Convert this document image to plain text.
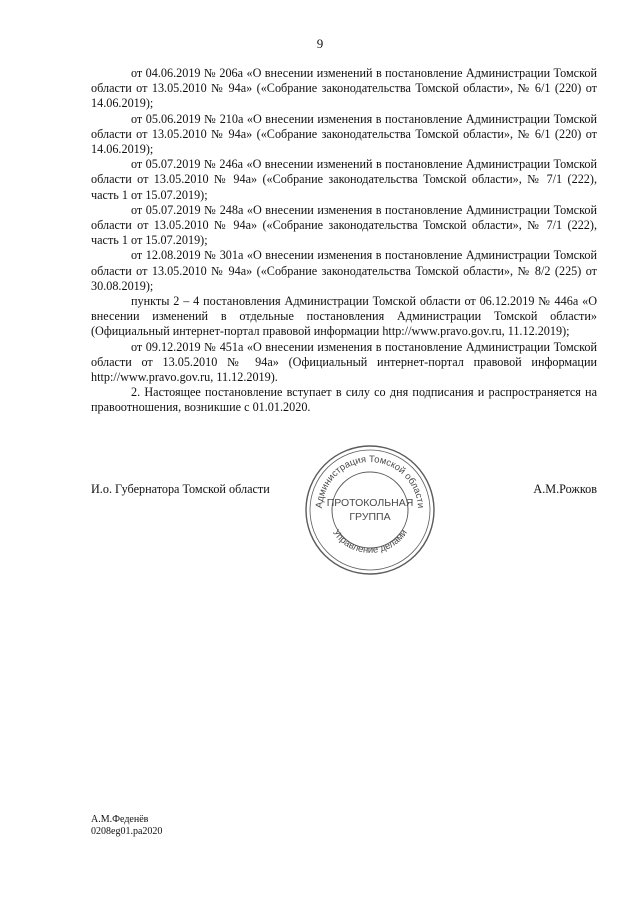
9

от 04.06.2019 № 206а «О внесении изменений в постановление Администрации Томской области от 13.05.2010 № 94а» («Собрание законодательства Томской области», № 6/1 (220) от 14.06.2019);

от 05.06.2019 № 210а «О внесении изменения в постановление Администрации Томской области от 13.05.2010 № 94а» («Собрание законодательства Томской области», № 6/1 (220) от 14.06.2019);

от 05.07.2019 № 246а «О внесении изменений в постановление Администрации Томской области от 13.05.2010 № 94а» («Собрание законодательства Томской области», № 7/1 (222), часть 1 от 15.07.2019);

от 05.07.2019 № 248а «О внесении изменения в постановление Администрации Томской области от 13.05.2010 № 94а» («Собрание законодательства Томской области», № 7/1 (222), часть 1 от 15.07.2019);

от 12.08.2019 № 301а «О внесении изменения в постановление Администрации Томской области от 13.05.2010 № 94а» («Собрание законодательства Томской области», № 8/2 (225) от 30.08.2019);

пункты 2 – 4 постановления Администрации Томской области от 06.12.2019 № 446а «О внесении изменений в отдельные постановления Администрации Томской области» (Официальный интернет-портал правовой информации http://www.pravo.gov.ru, 11.12.2019);

от 09.12.2019 № 451а «О внесении изменения в постановление Администрации Томской области от 13.05.2010 № 94а» (Официальный интернет-портал правовой информации http://www.pravo.gov.ru, 11.12.2019).

2. Настоящее постановление вступает в силу со дня подписания и распространяется на правоотношения, возникшие с 01.01.2020.

И.о. Губернатора Томской области	А.М.Рожков
Администрация Томской области
Управление делами
ПРОТОКОЛЬНАЯ
ГРУППА
А.М.Феденёв
0208eg01.pa2020
